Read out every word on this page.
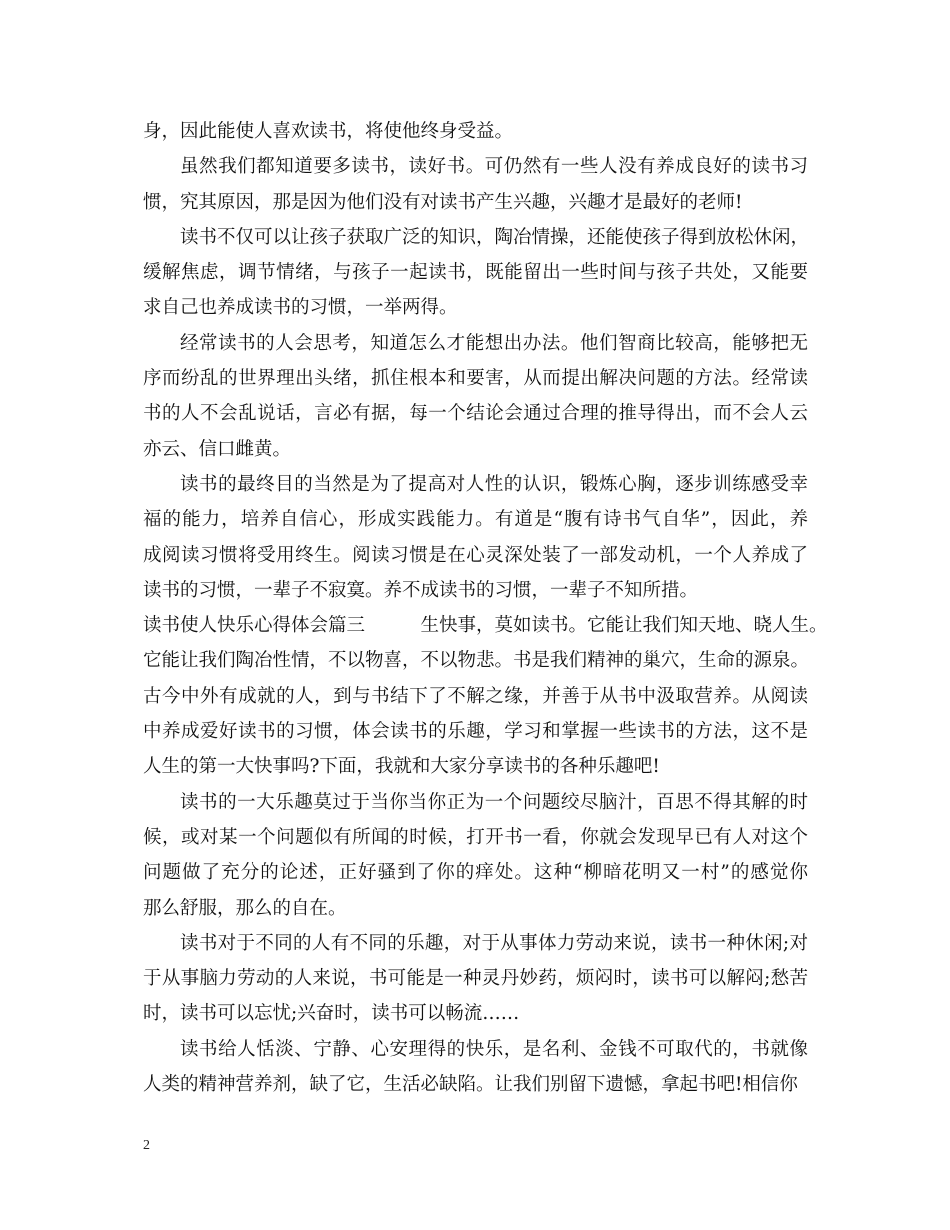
身，因此能使人喜欢读书，将使他终身受益。
虽然我们都知道要多读书，读好书。可仍然有一些人没有养成良好的读书习
惯，究其原因，那是因为他们没有对读书产生兴趣，兴趣才是最好的老师!
读书不仅可以让孩子获取广泛的知识，陶冶情操，还能使孩子得到放松休闲，
缓解焦虑，调节情绪，与孩子一起读书，既能留出一些时间与孩子共处，又能要
求自己也养成读书的习惯，一举两得。
经常读书的人会思考，知道怎么才能想出办法。他们智商比较高，能够把无
序而纷乱的世界理出头绪，抓住根本和要害，从而提出解决问题的方法。经常读
书的人不会乱说话，言必有据，每一个结论会通过合理的推导得出，而不会人云
亦云、信口雌黄。
读书的最终目的当然是为了提高对人性的认识，锻炼心胸，逐步训练感受幸
福的能力，培养自信心，形成实践能力。有道是“腹有诗书气自华”，因此，养
成阅读习惯将受用终生。阅读习惯是在心灵深处装了一部发动机，一个人养成了
读书的习惯，一辈子不寂寞。养不成读书的习惯，一辈子不知所措。
读书使人快乐心得体会篇三　　　生快事，莫如读书。它能让我们知天地、晓人生。
它能让我们陶冶性情，不以物喜，不以物悲。书是我们精神的巢穴，生命的源泉。
古今中外有成就的人，到与书结下了不解之缘，并善于从书中汲取营养。从阅读
中养成爱好读书的习惯，体会读书的乐趣，学习和掌握一些读书的方法，这不是
人生的第一大快事吗?下面，我就和大家分享读书的各种乐趣吧!
读书的一大乐趣莫过于当你当你正为一个问题绞尽脑汁，百思不得其解的时
候，或对某一个问题似有所闻的时候，打开书一看，你就会发现早已有人对这个
问题做了充分的论述，正好骚到了你的痒处。这种“柳暗花明又一村”的感觉你
那么舒服，那么的自在。
读书对于不同的人有不同的乐趣，对于从事体力劳动来说，读书一种休闲;对
于从事脑力劳动的人来说，书可能是一种灵丹妙药，烦闷时，读书可以解闷;愁苦
时，读书可以忘忧;兴奋时，读书可以畅流……
读书给人恬淡、宁静、心安理得的快乐，是名利、金钱不可取代的，书就像
人类的精神营养剂，缺了它，生活必缺陷。让我们别留下遗憾，拿起书吧!相信你
2
